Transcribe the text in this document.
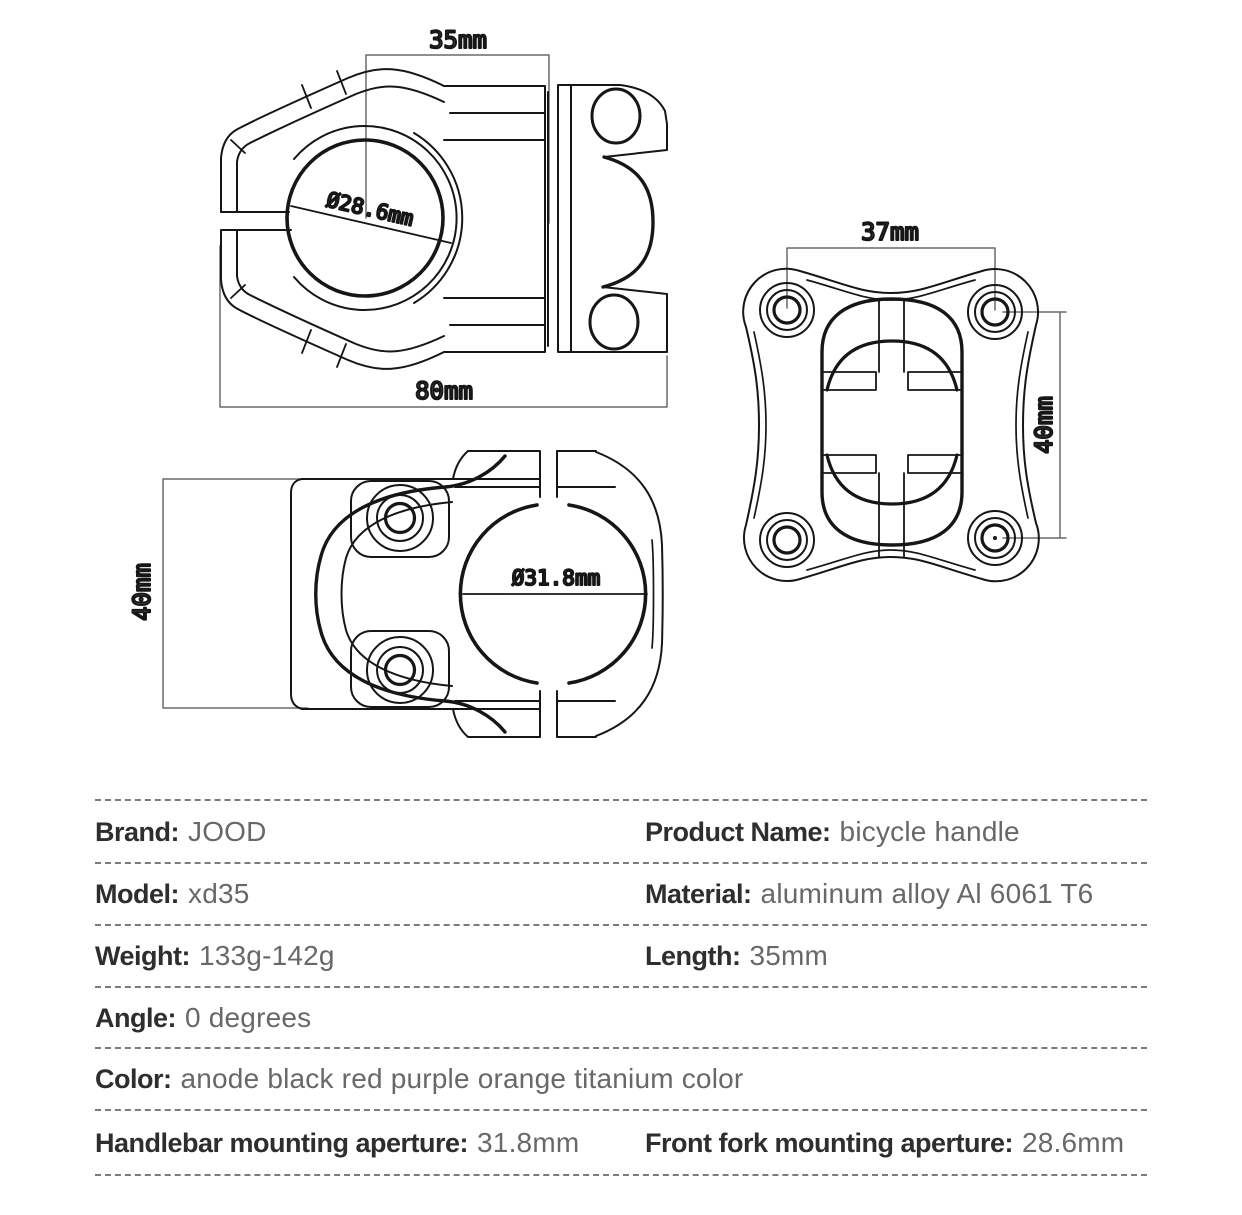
35mm
80mm
Ø28.6mm
37mm
40mm
40mm	Ø31.8mm
Brand: JOOD	Product Name: bicycle handle
Model: xd35	Material: aluminum alloy Al 6061 T6
Weight: 133g-142g	Length: 35mm
Angle: 0 degrees
Color: anode black red purple orange titanium color
Handlebar mounting aperture: 31.8mm Front fork mounting aperture: 28.6mm
